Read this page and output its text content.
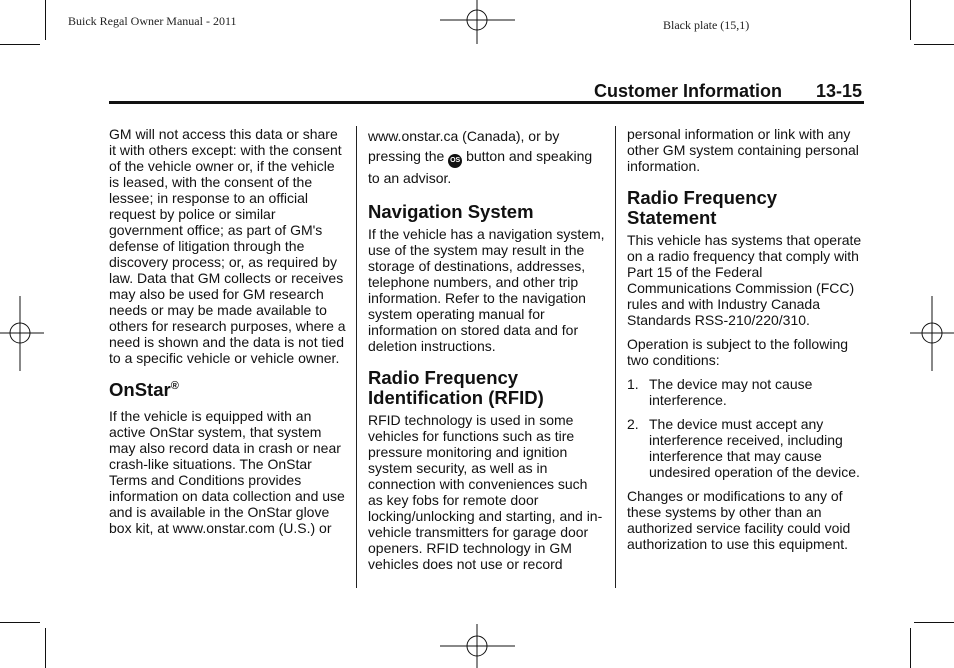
Buick Regal Owner Manual - 2011	Black plate (15,1)
Customer Information 13-15

GM will not access this data or share it with others except: with the consent of the vehicle owner or, if the vehicle is leased, with the consent of the lessee; in response to an official request by police or similar government office; as part of GM's defense of litigation through the discovery process; or, as required by law. Data that GM collects or receives may also be used for GM research needs or may be made available to others for research purposes, where a need is shown and the data is not tied to a specific vehicle or vehicle owner.

OnStar®

If the vehicle is equipped with an active OnStar system, that system may also record data in crash or near crash-like situations. The OnStar Terms and Conditions provides information on data collection and use and is available in the OnStar glove box kit, at www.onstar.com (U.S.) or

www.onstar.ca (Canada), or by pressing the OS button and speaking to an advisor.

Navigation System

If the vehicle has a navigation system, use of the system may result in the storage of destinations, addresses, telephone numbers, and other trip information. Refer to the navigation system operating manual for information on stored data and for deletion instructions.

Radio Frequency Identification (RFID)

RFID technology is used in some vehicles for functions such as tire pressure monitoring and ignition system security, as well as in connection with conveniences such as key fobs for remote door locking/unlocking and starting, and in-vehicle transmitters for garage door openers. RFID technology in GM vehicles does not use or record

personal information or link with any other GM system containing personal information.

Radio Frequency Statement

This vehicle has systems that operate on a radio frequency that comply with Part 15 of the Federal Communications Commission (FCC) rules and with Industry Canada Standards RSS-210/220/310.

Operation is subject to the following two conditions:

1. The device may not cause interference.
2. The device must accept any interference received, including interference that may cause undesired operation of the device.

Changes or modifications to any of these systems by other than an authorized service facility could void authorization to use this equipment.
